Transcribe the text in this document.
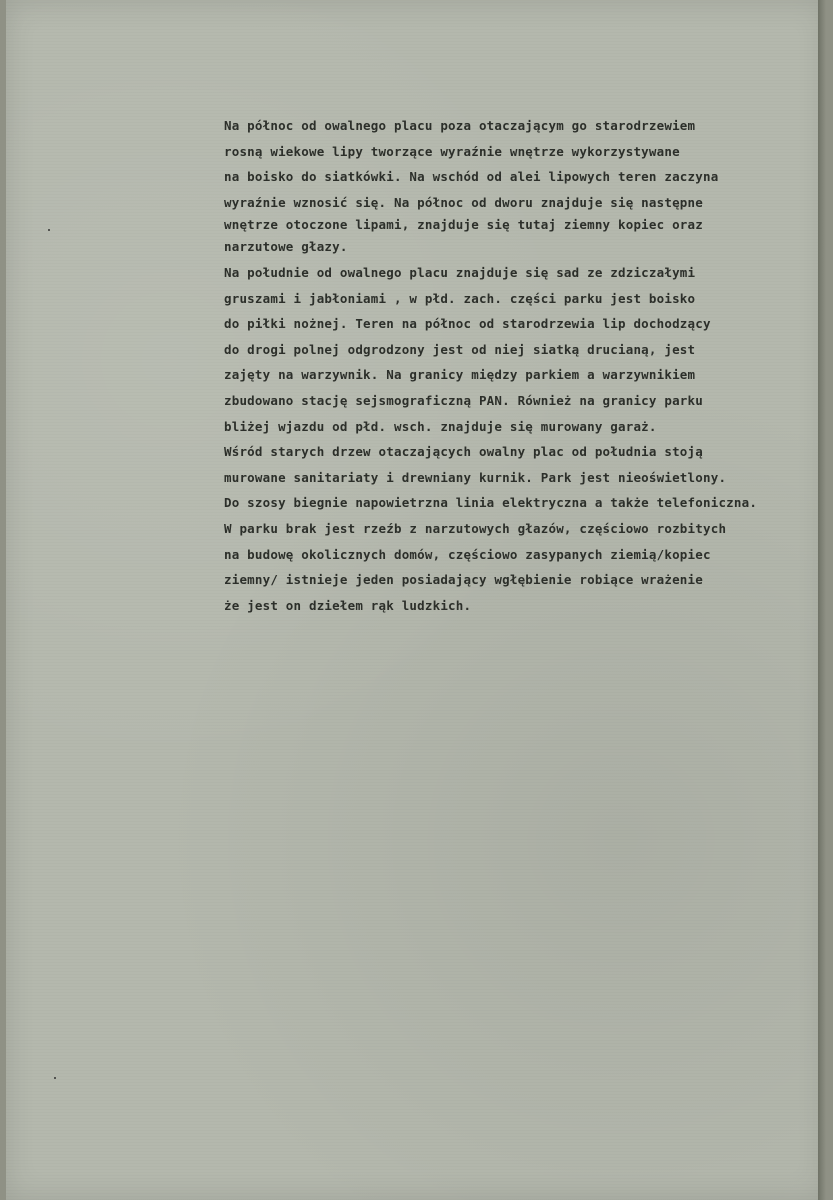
Na północ od owalnego placu poza otaczającym go starodrzewiem
rosną wiekowe lipy tworzące wyraźnie wnętrze wykorzystywane
na boisko do siatkówki. Na wschód od alei lipowych teren zaczyna
wyraźnie wznosić się. Na północ od dworu znajduje się następne
wnętrze otoczone lipami, znajduje się tutaj ziemny kopiec oraz
narzutowe głazy.
Na południe od owalnego placu znajduje się sad ze zdziczałymi
gruszami i jabłoniami , w płd. zach. części parku jest boisko
do piłki nożnej. Teren na północ od starodrzewia lip dochodzący
do drogi polnej odgrodzony jest od niej siatką drucianą, jest
zajęty na warzywnik. Na granicy między parkiem a warzywnikiem
zbudowano stację sejsmograficzną PAN. Również na granicy parku
bliżej wjazdu od płd. wsch. znajduje się murowany garaż.
Wśród starych drzew otaczających owalny plac od południa stoją
murowane sanitariaty i drewniany kurnik. Park jest nieoświetlony.
Do szosy biegnie napowietrzna linia elektryczna a także telefoniczna.
W parku brak jest rzeźb z narzutowych głazów, częściowo rozbitych
na budowę okolicznych domów, częściowo zasypanych ziemią/kopiec
ziemny/ istnieje jeden posiadający wgłębienie robiące wrażenie
że jest on dziełem rąk ludzkich.
